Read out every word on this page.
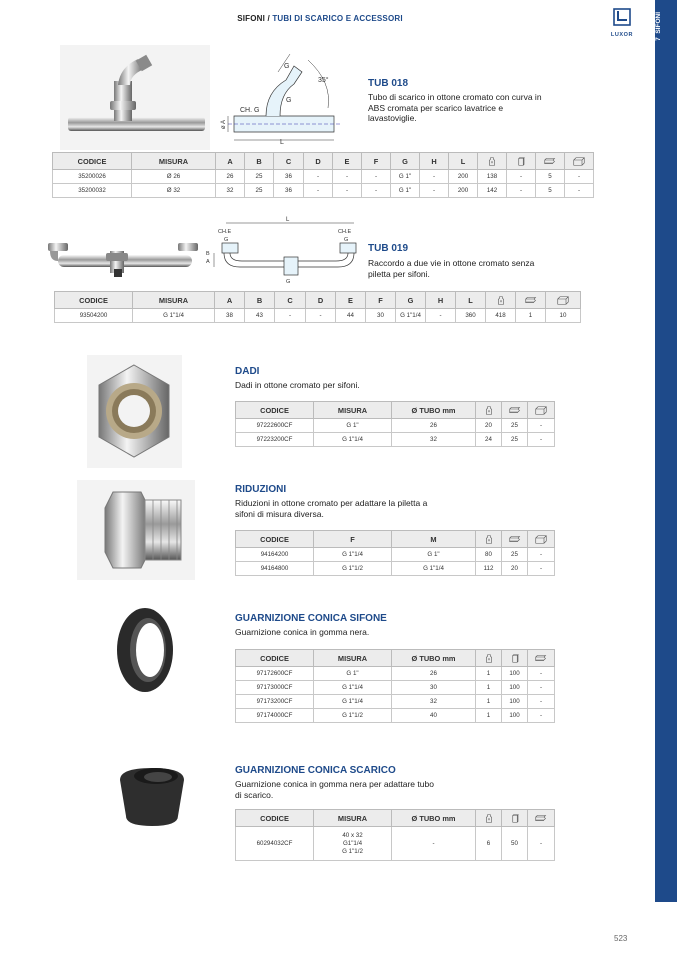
SIFONI / TUBI DI SCARICO E ACCESSORI
LUXOR
7  SIFONI
G
35°
G
CH. G
ø A
L
TUB 018
Tubo di scarico in ottone cromato con curva in ABS cromata per scarico lavatrice e lavastoviglie.
CODICE	MISURA	A	B	C	D	E	F	G	H	L	

35200026	Ø 26	26	25	36	-	-	-	G 1"	-	200	138	-	5	-
35200032	Ø 32	32	25	36	-	-	-	G 1"	-	200	142	-	5	-
L
CH.E	CH.E
G	G
G
A
B	TUB 019
Raccordo a due vie in ottone cromato senza piletta per sifoni.
CODICE	MISURA	A	B	C	D	E	F	G	H	L	

93504200	G 1"1/4	38	43	-	-	44	30	G 1"1/4	-	360	418	1	10
DADI
Dadi in ottone cromato per sifoni.
CODICE	MISURA	Ø TUBO mm	

97222600CF	G 1"	26	20	25	-
97223200CF	G 1"1/4	32	24	25	-
RIDUZIONI
Riduzioni in ottone cromato per adattare la piletta a sifoni di misura diversa.
CODICE	F	M	

94164200	G 1"1/4	G 1"	80	25	-
94164800	G 1"1/2	G 1"1/4	112	20	-
GUARNIZIONE CONICA SIFONE
Guarnizione conica in gomma nera.
CODICE	MISURA	Ø TUBO mm	

97172600CF	G 1"	26	1	100	-
97173000CF	G 1"1/4	30	1	100	-
97173200CF	G 1"1/4	32	1	100	-
97174000CF	G 1"1/2	40	1	100	-
GUARNIZIONE CONICA SCARICO
Guarnizione conica in gomma nera per adattare tubo di scarico.
CODICE	MISURA	Ø TUBO mm	

60294032CF	40 x 32
G1"1/4
G 1"1/2	-	6	50	-
523
